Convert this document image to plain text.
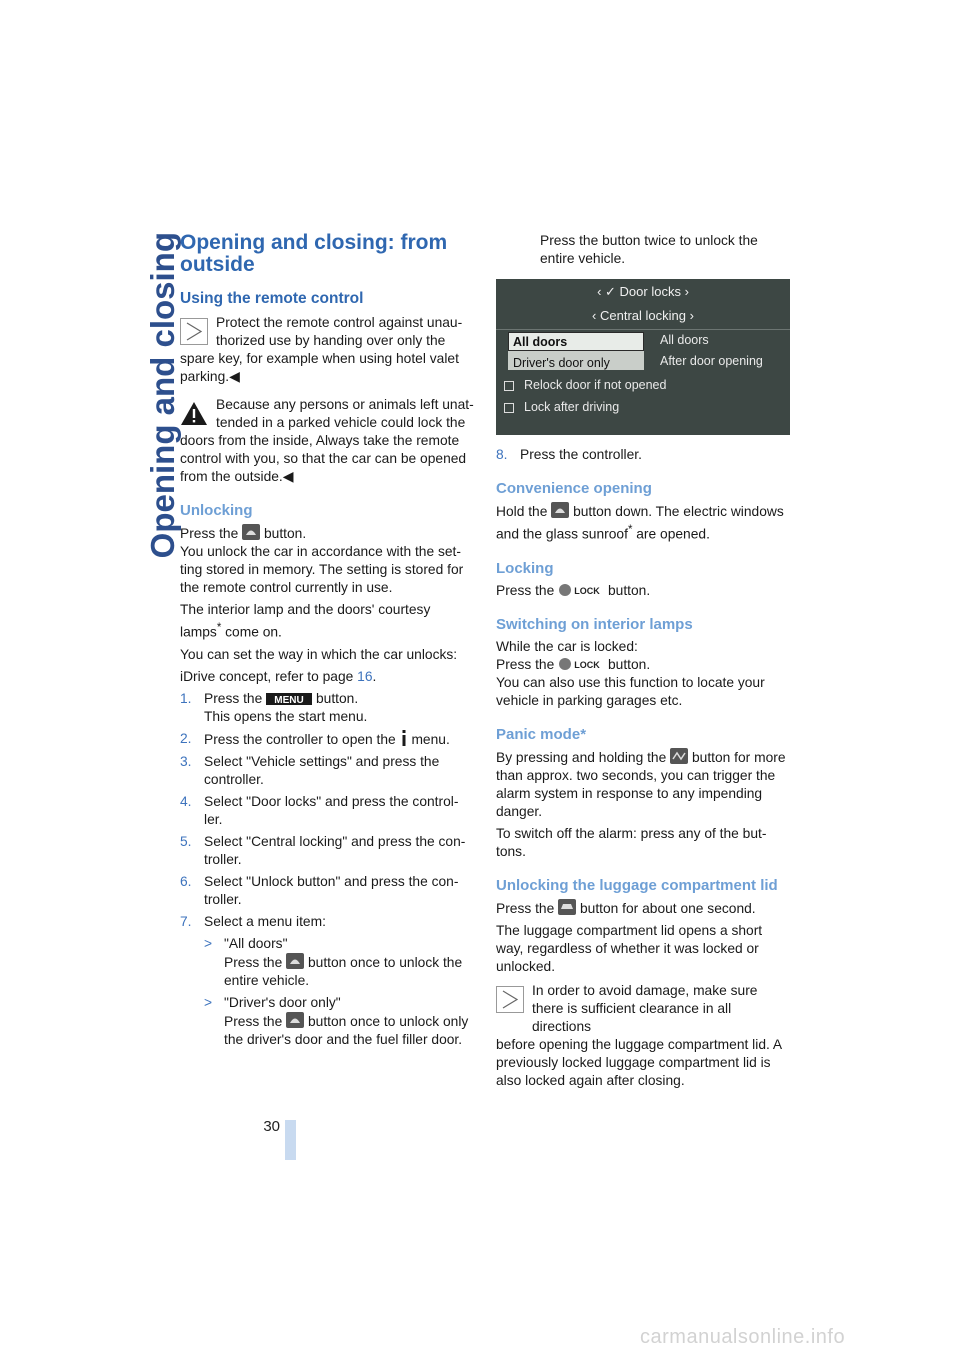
Opening and closing Opening and closing: from outside
Using the remote control

Protect the remote control against unau-thorized use by handing over only the
spare key, for example when using hotel valet parking.◀

Because any persons or animals left unat-tended in a parked vehicle could lock the
doors from the inside, Always take the remote control with you, so that the car can be opened from the outside.◀

Unlocking

Press the button.

You unlock the car in accordance with the set-ting stored in memory. The setting is stored for the remote control currently in use.

The interior lamp and the doors' courtesy lamps* come on.

You can set the way in which the car unlocks:

iDrive concept, refer to page 16.

1. Press the MENU button.
This opens the start menu.
2. Press the controller to open the menu.
3. Select "Vehicle settings" and press the controller.
4. Select "Door locks" and press the control-ler.
5. Select "Central locking" and press the con-troller.
6. Select "Unlock button" and press the con-troller.
7. Select a menu item:
> "All doors"
Press the button once to unlock the entire vehicle.
> "Driver's door only"
Press the button once to unlock only the driver's door and the fuel filler door.

Press the button twice to unlock the entire vehicle.

‹ ✓ Door locks ›
‹ Central locking ›
All doors
Driver's door only
All doors
After door opening
Relock door if not opened
Lock after driving
8. Press the controller.
Convenience opening

Hold the button down. The electric windows and the glass sunroof* are opened.

Locking

Press the LOCK button.

Switching on interior lamps

While the car is locked:
Press the LOCK button.
You can also use this function to locate your vehicle in parking garages etc.

Panic mode*

By pressing and holding the button for more than approx. two seconds, you can trigger the alarm system in response to any impending danger.

To switch off the alarm: press any of the but-tons.

Unlocking the luggage compartment lid

Press the button for about one second.

The luggage compartment lid opens a short way, regardless of whether it was locked or unlocked.

In order to avoid damage, make sure there is sufficient clearance in all directions
before opening the luggage compartment lid. A previously locked luggage compartment lid is also locked again after closing.

30
carmanualsonline.info
